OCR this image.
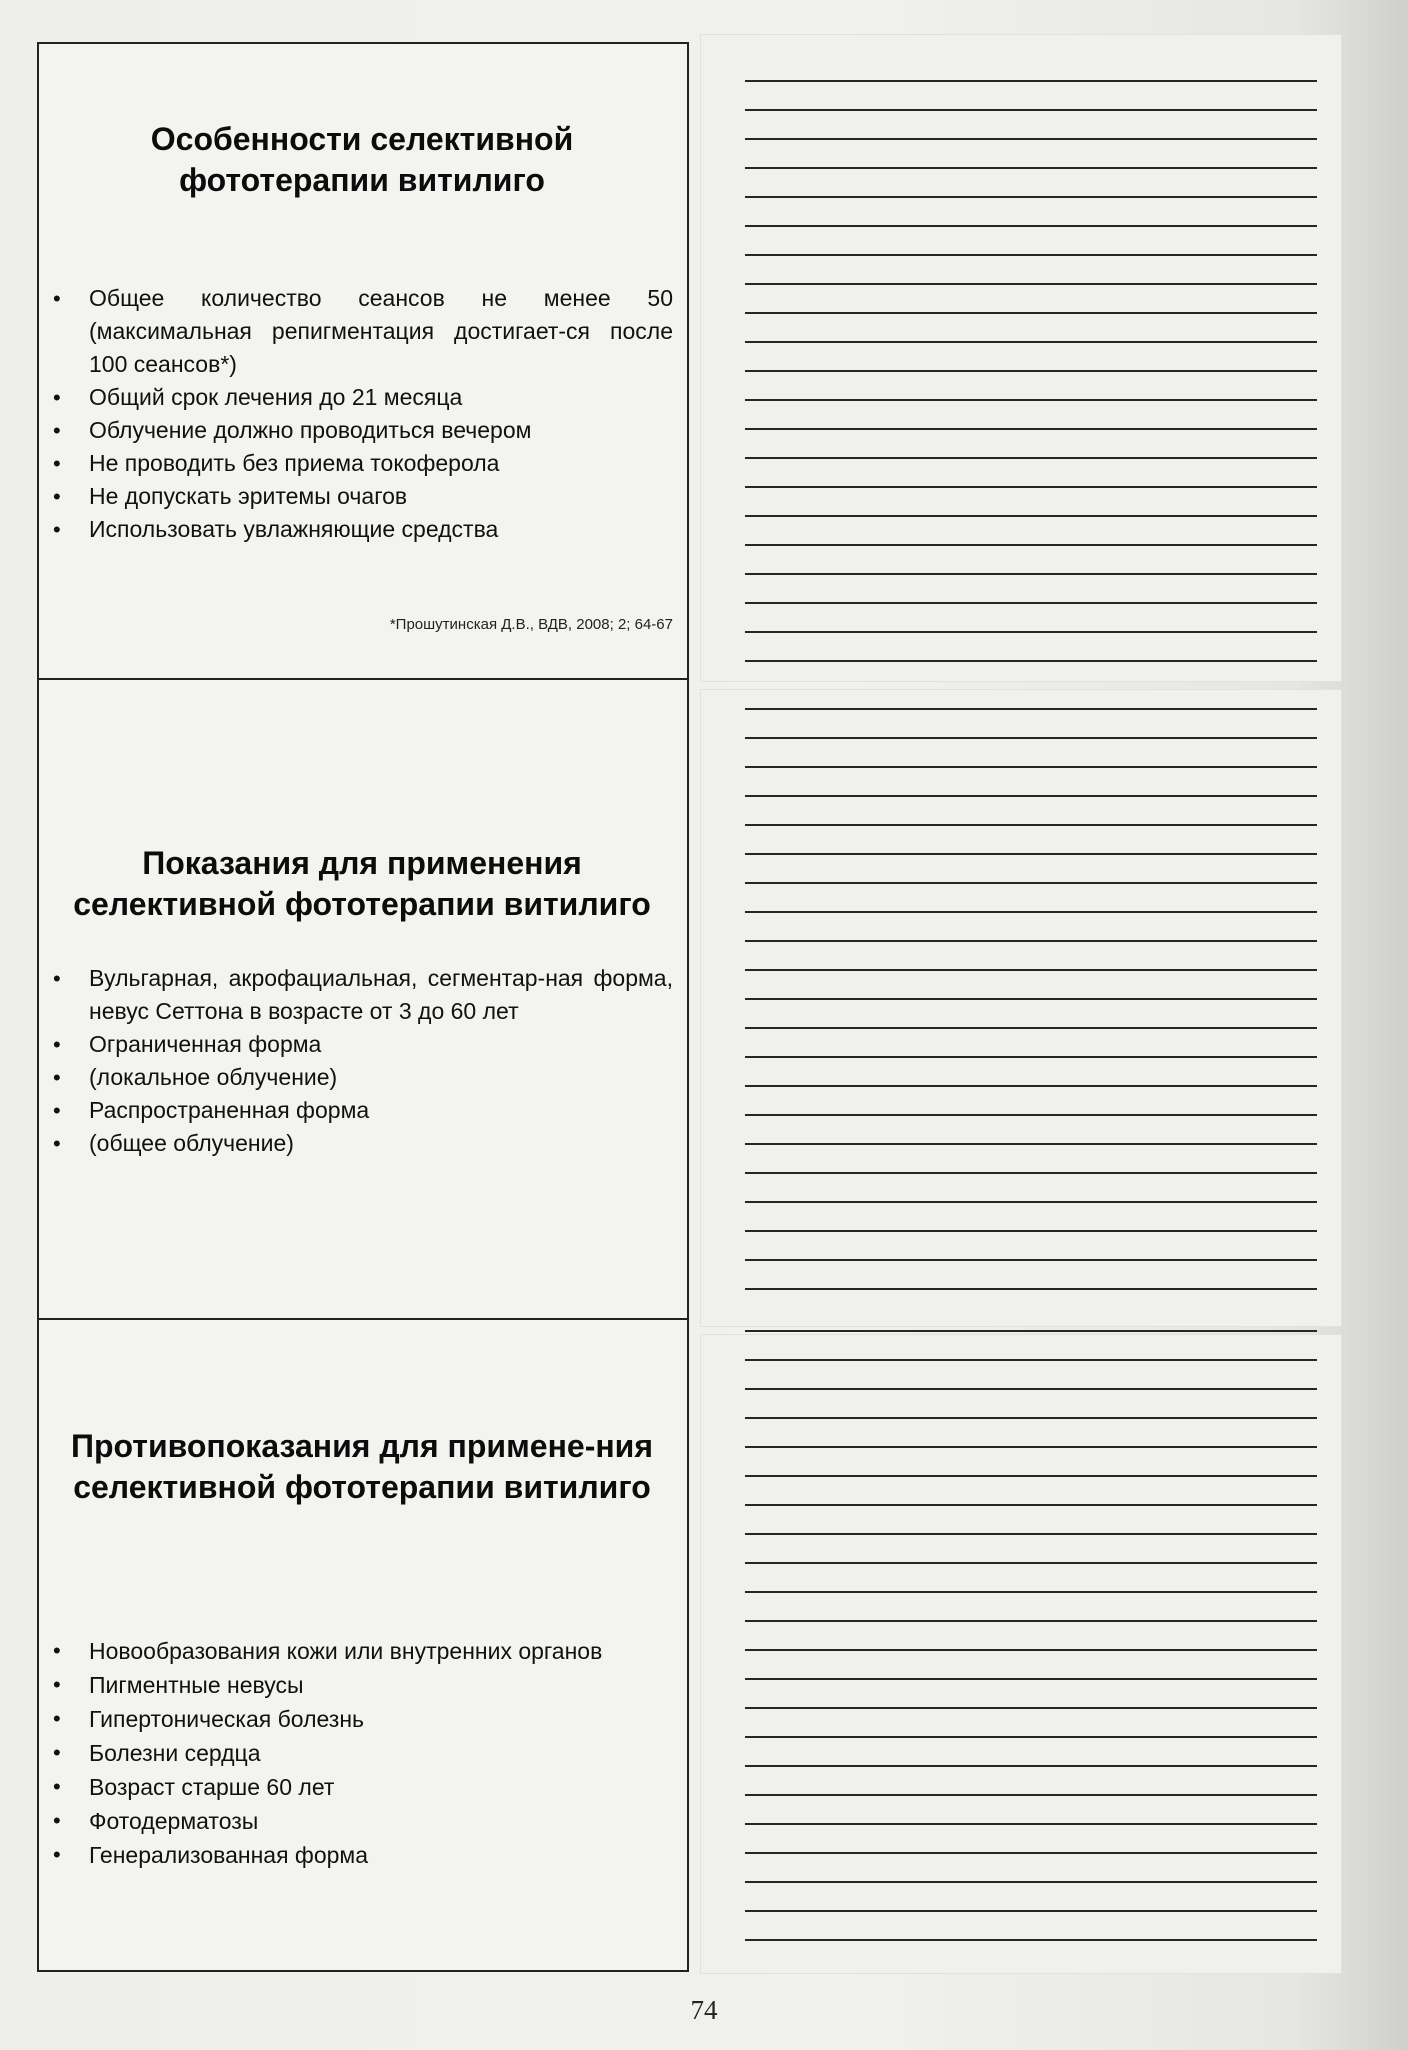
Особенности селективной фототерапии витилиго
• Общее количество сеансов не менее 50 (максимальная репигментация достигает-ся после 100 сеансов*)
• Общий срок лечения до 21 месяца
• Облучение должно проводиться вечером
• Не проводить без приема токоферола
• Не допускать эритемы очагов
• Использовать увлажняющие средства
*Прошутинская Д.В., ВДВ, 2008; 2; 64-67
Показания для применения селективной фототерапии витилиго
• Вульгарная, акрофациальная, сегментар-ная форма, невус Сеттона в возрасте от 3 до 60 лет
• Ограниченная форма
• (локальное облучение)
• Распространенная форма
• (общее облучение)
Противопоказания для примене-ния селективной фототерапии витилиго
• Новообразования кожи или внутренних органов
• Пигментные невусы
• Гипертоническая болезнь
• Болезни сердца
• Возраст старше 60 лет
• Фотодерматозы
• Генерализованная форма
74
